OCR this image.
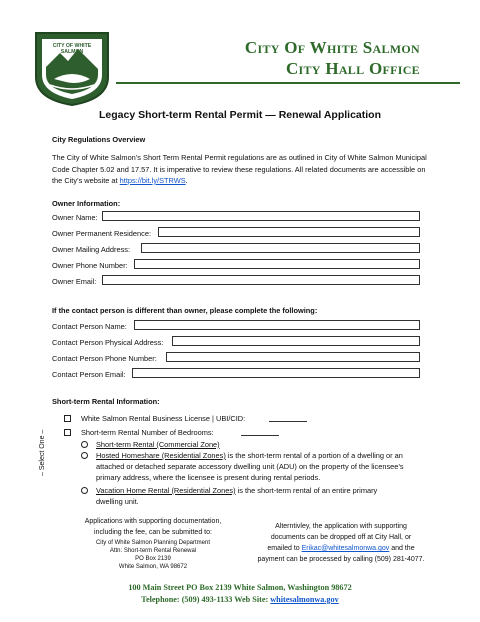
CITY OF WHITE SALMON	City Of White Salmon
City Hall Office
Legacy Short-term Rental Permit — Renewal Application
City Regulations Overview
The City of White Salmon’s Short Term Rental Permit regulations are as outlined in City of White Salmon Municipal Code Chapter 5.02 and 17.57. It is imperative to review these regulations. All related documents are accessible on the City’s website at https://bit.ly/STRWS.
Owner Information:
Owner Name:
Owner Permanent Residence:
Owner Mailing Address:
Owner Phone Number:
Owner Email:
If the contact person is different than owner, please complete the following:
Contact Person Name:
Contact Person Physical Address:
Contact Person Phone Number:
Contact Person Email:
Short-term Rental Information:
White Salmon Rental Business License | UBI/CID:
Short-term Rental Number of Bedrooms:
– Select One –	Short-term Rental (Commercial Zone)
Hosted Homeshare (Residential Zones) is the short-term rental of a portion of a dwelling or an
attached or detached separate accessory dwelling unit (ADU) on the property of the licensee’s
primary address, where the licensee is present during rental periods.
Vacation Home Rental (Residential Zones) is the short-term rental of an entire primary
dwelling unit.
Applications with supporting documentation,
including the fee, can be submitted to:
City of White Salmon Planning Department
Attn: Short-term Rental Renewal
PO Box 2139
White Salmon, WA 98672
Alterntivley, the application with supporting
documents can be dropped off at City Hall, or
emailed to Erikac@whitesalmonwa.gov and the
payment can be processed by calling (509) 281-4077.
100 Main Street PO Box 2139 White Salmon, Washington 98672
Telephone: (509) 493-1133 Web Site: whitesalmonwa.gov
